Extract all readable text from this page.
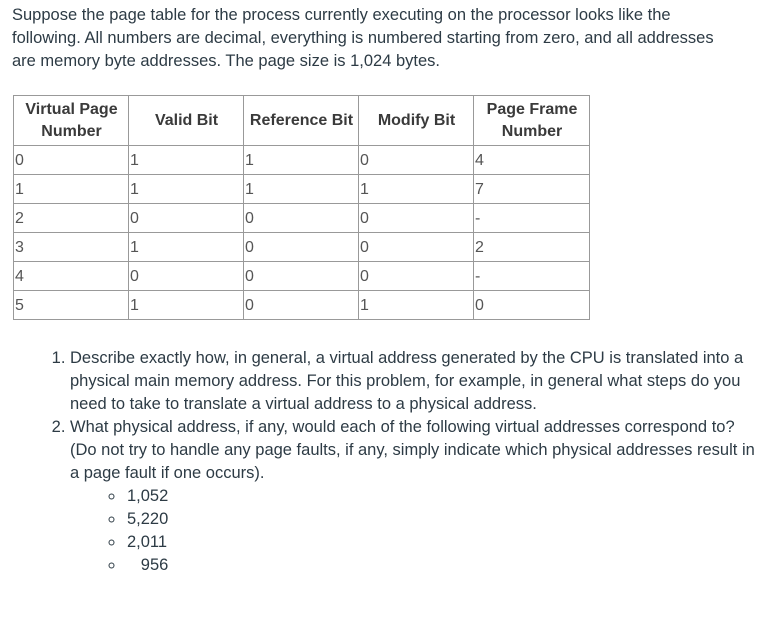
Suppose the page table for the process currently executing on the processor looks like the following. All numbers are decimal, everything is numbered starting from zero, and all addresses are memory byte addresses. The page size is 1,024 bytes.

Virtual Page Number	Valid Bit	Reference Bit	Modify Bit	Page Frame Number
0	1	1	0	4
1	1	1	1	7
2	0	0	0	-
3	1	0	0	2
4	0	0	0	-
5	1	0	1	0
1. Describe exactly how, in general, a virtual address generated by the CPU is translated into a physical main memory address. For this problem, for example, in general what steps do you need to take to translate a virtual address to a physical address.
2. What physical address, if any, would each of the following virtual addresses correspond to? (Do not try to handle any page faults, if any, simply indicate which physical addresses result in a page fault if one occurs).
◦ 1,052
◦ 5,220
◦ 2,011
◦ 956
